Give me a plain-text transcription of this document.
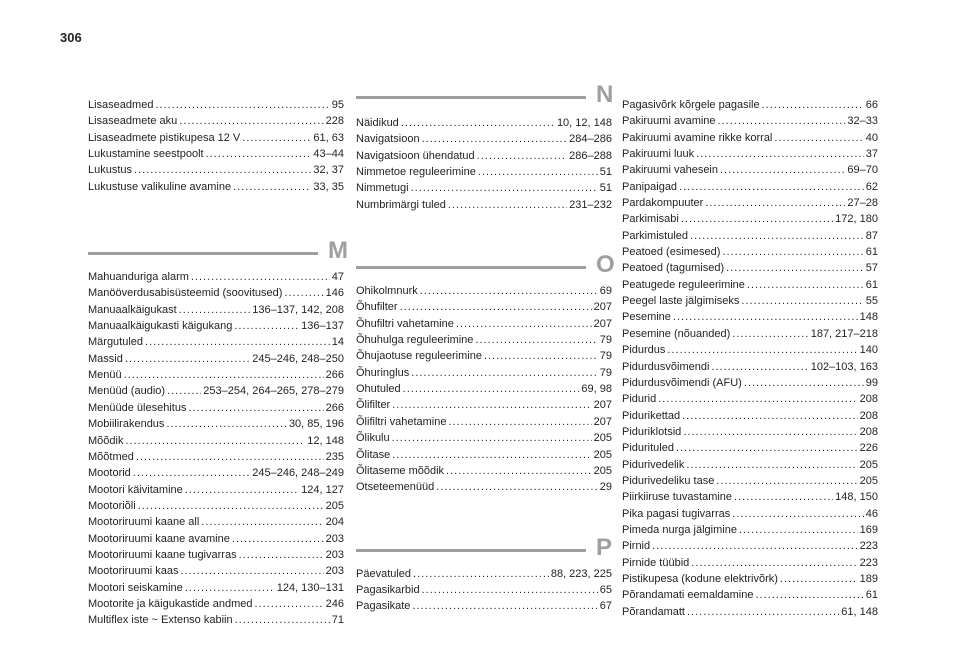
306
Lisaseadmed .....	95
Lisaseadmete aku .....	228
Lisaseadmete pistikupesa 12 V .....	61, 63
Lukustamine seestpoolt .....	43–44
Lukustus .....	32, 37
Lukustuse valikuline avamine .....	33, 35
M
Mahuanduriga alarm .....	47
Manööverdusabisüsteemid (soovitused) .....	146
Manuaalkäigukast .....	136–137, 142, 208
Manuaalkäigukasti käigukang .....	136–137
Märgutuled .....	14
Massid .....	245–246, 248–250
Menüü .....	266
Menüüd (audio) .....	253–254, 264–265, 278–279
Menüüde ülesehitus .....	266
Mobiilirakendus .....	30, 85, 196
Mõõdik .....	12, 148
Mõõtmed .....	235
Mootorid .....	245–246, 248–249
Mootori käivitamine .....	124, 127
Mootoriõli .....	205
Mootoriruumi kaane all .....	204
Mootoriruumi kaane avamine .....	203
Mootoriruumi kaane tugivarras .....	203
Mootoriruumi kaas .....	203
Mootori seiskamine .....	124, 130–131
Mootorite ja käigukastide andmed .....	246
Multiflex iste ~ Extenso kabiin .....	71
N
Näidikud .....	10, 12, 148
Navigatsioon .....	284–286
Navigatsioon ühendatud .....	286–288
Nimmetoe reguleerimine .....	51
Nimmetugi .....	51
Numbrimärgi tuled .....	231–232
O
Ohikolmnurk .....	69
Õhufilter .....	207
Õhufiltri vahetamine .....	207
Õhuhulga reguleerimine .....	79
Õhujaotuse reguleerimine .....	79
Õhuringlus .....	79
Ohutuled .....	69, 98
Õlifilter .....	207
Õlifiltri vahetamine .....	207
Õlikulu .....	205
Õlitase .....	205
Õlitaseme mõõdik .....	205
Otseteemenüüd .....	29
P
Päevatuled .....	88, 223, 225
Pagasikarbid .....	65
Pagasikate .....	67
Pagasivõrk kõrgele pagasile .....	66
Pakiruumi avamine .....	32–33
Pakiruumi avamine rikke korral .....	40
Pakiruumi luuk .....	37
Pakiruumi vahesein .....	69–70
Panipaigad .....	62
Pardakompuuter .....	27–28
Parkimisabi .....	172, 180
Parkimistuled .....	87
Peatoed (esimesed) .....	61
Peatoed (tagumised) .....	57
Peatugede reguleerimine .....	61
Peegel laste jälgimiseks .....	55
Pesemine .....	148
Pesemine (nõuanded) .....	187, 217–218
Pidurdus .....	140
Pidurdusvõimendi .....	102–103, 163
Pidurdusvõimendi (AFU) .....	99
Pidurid .....	208
Pidurikettad .....	208
Piduriklotsid .....	208
Piduritulеd .....	226
Pidurivedelik .....	205
Pidurivedeliku tase .....	205
Piirkiiruse tuvastamine .....	148, 150
Pika pagasi tugivarras .....	46
Pimeda nurga jälgimine .....	169
Pirnid .....	223
Pirnide tüübid .....	223
Pistikupesa (kodune elektrivõrk) .....	189
Põrandamati eemaldamine .....	61
Põrandamatt .....	61, 148
